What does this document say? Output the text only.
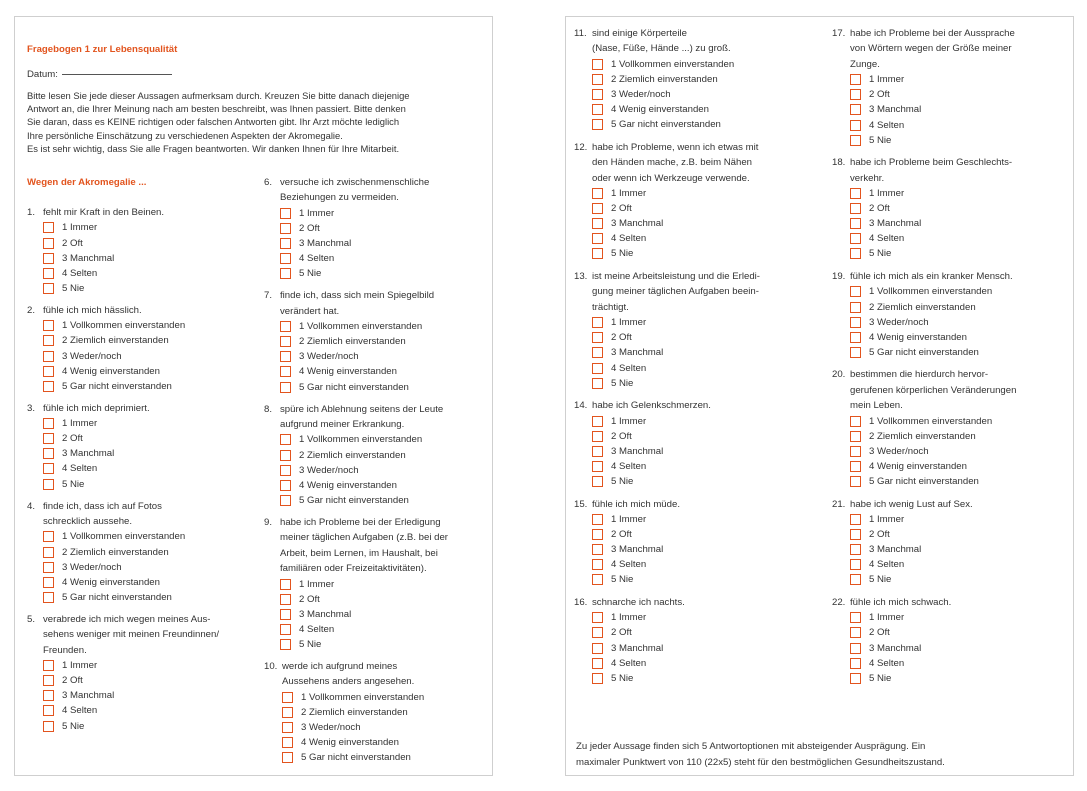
Fragebogen 1 zur Lebensqualität
Datum:
Bitte lesen Sie jede dieser Aussagen aufmerksam durch. Kreuzen Sie bitte danach diejenige
Antwort an, die Ihrer Meinung nach am besten beschreibt, was Ihnen passiert. Bitte denken
Sie daran, dass es KEINE richtigen oder falschen Antworten gibt. Ihr Arzt möchte lediglich
Ihre persönliche Einschätzung zu verschiedenen Aspekten der Akromegalie.
Es ist sehr wichtig, dass Sie alle Fragen beantworten. Wir danken Ihnen für Ihre Mitarbeit.
Wegen der Akromegalie ...
1. fehlt mir Kraft in den Beinen.
1 Immer
2 Oft
3 Manchmal
4 Selten
5 Nie
2. fühle ich mich hässlich.
1 Vollkommen einverstanden
2 Ziemlich einverstanden
3 Weder/noch
4 Wenig einverstanden
5 Gar nicht einverstanden
3. fühle ich mich deprimiert.
1 Immer
2 Oft
3 Manchmal
4 Selten
5 Nie
4. finde ich, dass ich auf Fotos
schrecklich aussehe.
1 Vollkommen einverstanden
2 Ziemlich einverstanden
3 Weder/noch
4 Wenig einverstanden
5 Gar nicht einverstanden
5. verabrede ich mich wegen meines Aus-
sehens weniger mit meinen Freundinnen/
Freunden.
1 Immer
2 Oft
3 Manchmal
4 Selten
5 Nie
6. versuche ich zwischenmenschliche
Beziehungen zu vermeiden.
1 Immer
2 Oft
3 Manchmal
4 Selten
5 Nie
7. finde ich, dass sich mein Spiegelbild
verändert hat.
1 Vollkommen einverstanden
2 Ziemlich einverstanden
3 Weder/noch
4 Wenig einverstanden
5 Gar nicht einverstanden
8. spüre ich Ablehnung seitens der Leute
aufgrund meiner Erkrankung.
1 Vollkommen einverstanden
2 Ziemlich einverstanden
3 Weder/noch
4 Wenig einverstanden
5 Gar nicht einverstanden
9. habe ich Probleme bei der Erledigung
meiner täglichen Aufgaben (z.B. bei der
Arbeit, beim Lernen, im Haushalt, bei
familiären oder Freizeitaktivitäten).
1 Immer
2 Oft
3 Manchmal
4 Selten
5 Nie
10. werde ich aufgrund meines
Aussehens anders angesehen.
1 Vollkommen einverstanden
2 Ziemlich einverstanden
3 Weder/noch
4 Wenig einverstanden
5 Gar nicht einverstanden
11. sind einige Körperteile
(Nase, Füße, Hände ...) zu groß.
1 Vollkommen einverstanden
2 Ziemlich einverstanden
3 Weder/noch
4 Wenig einverstanden
5 Gar nicht einverstanden
12. habe ich Probleme, wenn ich etwas mit
den Händen mache, z.B. beim Nähen
oder wenn ich Werkzeuge verwende.
1 Immer
2 Oft
3 Manchmal
4 Selten
5 Nie
13. ist meine Arbeitsleistung und die Erledi-
gung meiner täglichen Aufgaben beein-
trächtigt.
1 Immer
2 Oft
3 Manchmal
4 Selten
5 Nie
14. habe ich Gelenkschmerzen.
1 Immer
2 Oft
3 Manchmal
4 Selten
5 Nie
15. fühle ich mich müde.
1 Immer
2 Oft
3 Manchmal
4 Selten
5 Nie
16. schnarche ich nachts.
1 Immer
2 Oft
3 Manchmal
4 Selten
5 Nie
17. habe ich Probleme bei der Aussprache
von Wörtern wegen der Größe meiner
Zunge.
1 Immer
2 Oft
3 Manchmal
4 Selten
5 Nie
18. habe ich Probleme beim Geschlechts-
verkehr.
1 Immer
2 Oft
3 Manchmal
4 Selten
5 Nie
19. fühle ich mich als ein kranker Mensch.
1 Vollkommen einverstanden
2 Ziemlich einverstanden
3 Weder/noch
4 Wenig einverstanden
5 Gar nicht einverstanden
20. bestimmen die hierdurch hervor-
gerufenen körperlichen Veränderungen
mein Leben.
1 Vollkommen einverstanden
2 Ziemlich einverstanden
3 Weder/noch
4 Wenig einverstanden
5 Gar nicht einverstanden
21. habe ich wenig Lust auf Sex.
1 Immer
2 Oft
3 Manchmal
4 Selten
5 Nie
22. fühle ich mich schwach.
1 Immer
2 Oft
3 Manchmal
4 Selten
5 Nie
Zu jeder Aussage finden sich 5 Antwortoptionen mit absteigender Ausprägung. Ein
maximaler Punktwert von 110 (22x5) steht für den bestmöglichen Gesundheitszustand.
